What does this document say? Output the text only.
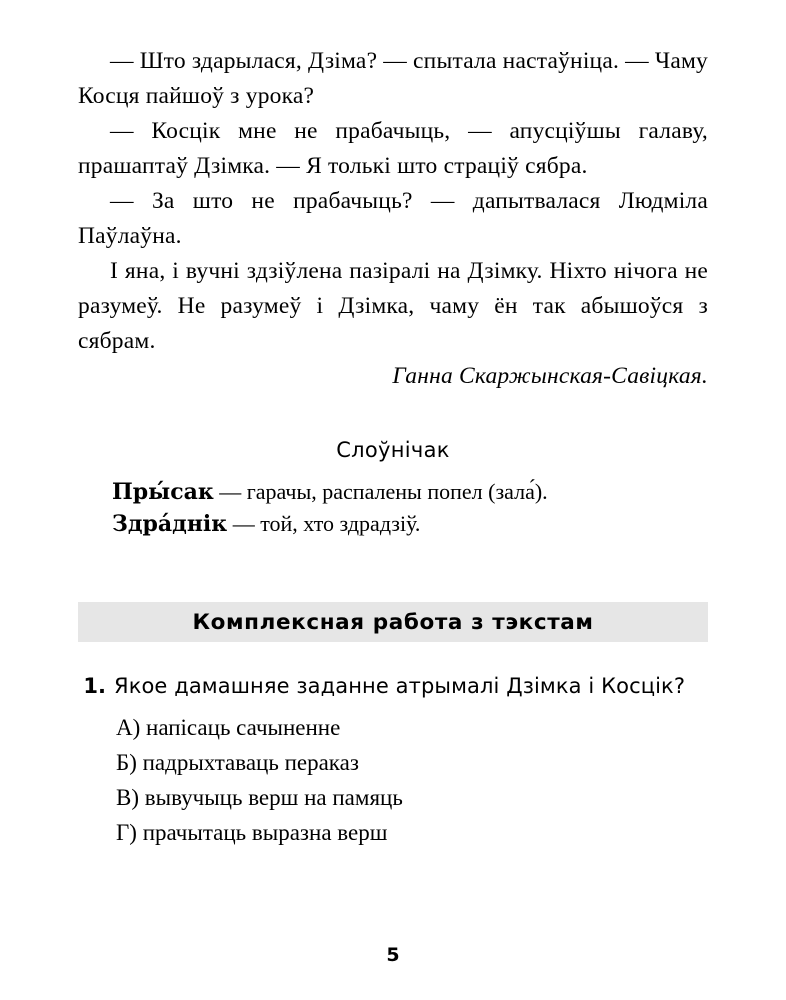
— Што здарылася, Дзіма? — спытала настаўніца. — Чаму Косця пайшоў з урока?

— Косцік мне не прабачыць, — апусціўшы галаву, прашаптаў Дзімка. — Я толькі што страціў сябра.

— За што не прабачыць? — дапытвалася Людміла Паўлаўна.

І яна, і вучні здзіўлена пазіралі на Дзімку. Ніхто нічога не разумеў. Не разумеў і Дзімка, чаму ён так абышоўся з сябрам.

Ганна Скаржынская-Савіцкая.

Слоўнічак
Пры́сак — гарачы, распалены попел (зала́).
Здра́днік — той, хто здрадзіў.
Комплексная работа з тэкстам
1. Якое дамашняе заданне атрымалі Дзімка і Косцік?
А) напісаць сачыненне
Б) падрыхтаваць пераказ
В) вывучыць верш на памяць
Г) прачытаць выразна верш
5
